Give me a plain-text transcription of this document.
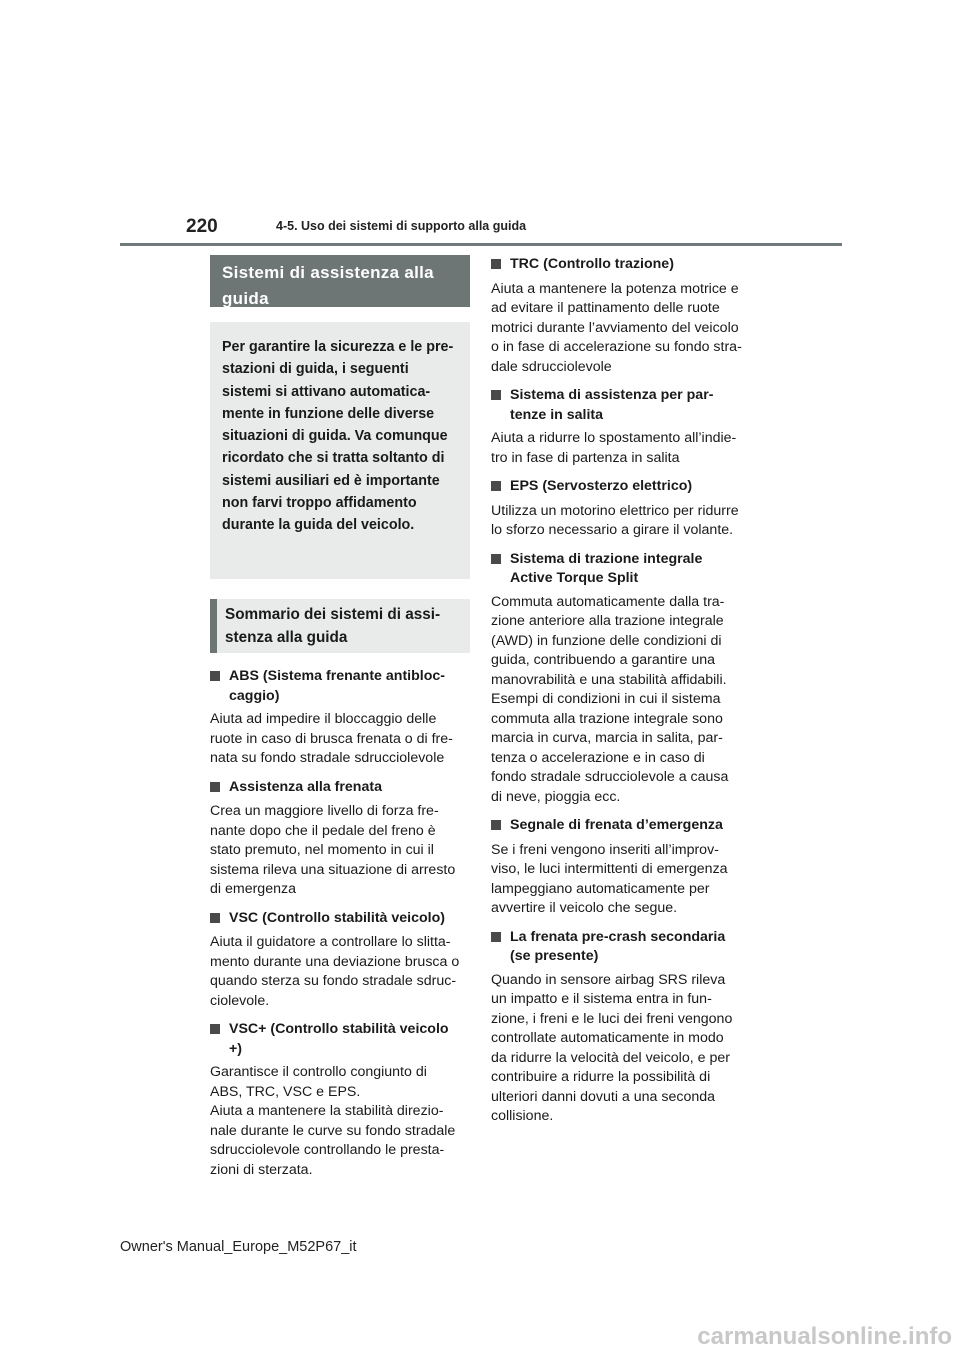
220	4-5. Uso dei sistemi di supporto alla guida
Sistemi di assistenza alla
guida
Per garantire la sicurezza e le pre-
stazioni di guida, i seguenti
sistemi si attivano automatica-
mente in funzione delle diverse
situazioni di guida. Va comunque
ricordato che si tratta soltanto di
sistemi ausiliari ed è importante
non farvi troppo affidamento
durante la guida del veicolo.
Sommario dei sistemi di assi-
stenza alla guida
ABS (Sistema frenante antibloc-
caggio)
Aiuta ad impedire il bloccaggio delle
ruote in caso di brusca frenata o di fre-
nata su fondo stradale sdrucciolevole
Assistenza alla frenata
Crea un maggiore livello di forza fre-
nante dopo che il pedale del freno è
stato premuto, nel momento in cui il
sistema rileva una situazione di arresto
di emergenza
VSC (Controllo stabilità veicolo)
Aiuta il guidatore a controllare lo slitta-
mento durante una deviazione brusca o
quando sterza su fondo stradale sdruc-
ciolevole.
VSC+ (Controllo stabilità veicolo
+)
Garantisce il controllo congiunto di
ABS, TRC, VSC e EPS.
Aiuta a mantenere la stabilità direzio-
nale durante le curve su fondo stradale
sdrucciolevole controllando le presta-
zioni di sterzata.
TRC (Controllo trazione)
Aiuta a mantenere la potenza motrice e
ad evitare il pattinamento delle ruote
motrici durante l’avviamento del veicolo
o in fase di accelerazione su fondo stra-
dale sdrucciolevole
Sistema di assistenza per par-
tenze in salita
Aiuta a ridurre lo spostamento all’indie-
tro in fase di partenza in salita
EPS (Servosterzo elettrico)
Utilizza un motorino elettrico per ridurre
lo sforzo necessario a girare il volante.
Sistema di trazione integrale
Active Torque Split
Commuta automaticamente dalla tra-
zione anteriore alla trazione integrale
(AWD) in funzione delle condizioni di
guida, contribuendo a garantire una
manovrabilità e una stabilità affidabili.
Esempi di condizioni in cui il sistema
commuta alla trazione integrale sono
marcia in curva, marcia in salita, par-
tenza o accelerazione e in caso di
fondo stradale sdrucciolevole a causa
di neve, pioggia ecc.
Segnale di frenata d’emergenza
Se i freni vengono inseriti all’improv-
viso, le luci intermittenti di emergenza
lampeggiano automaticamente per
avvertire il veicolo che segue.
La frenata pre-crash secondaria
(se presente)
Quando in sensore airbag SRS rileva
un impatto e il sistema entra in fun-
zione, i freni e le luci dei freni vengono
controllate automaticamente in modo
da ridurre la velocità del veicolo, e per
contribuire a ridurre la possibilità di
ulteriori danni dovuti a una seconda
collisione.
Owner's Manual_Europe_M52P67_it
carmanualsonline.info
